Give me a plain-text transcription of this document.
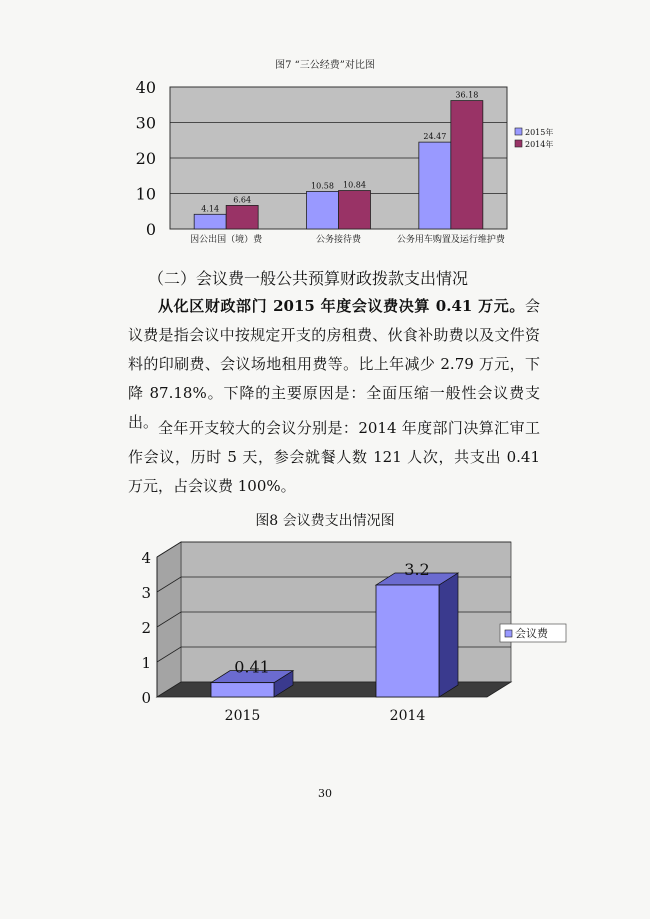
图7 “三公经费”对比图
0
10
20
30
40
4.14
6.64
因公出国（境）费
10.58 10.84
公务接待费
24.47
36.18
公务用车购置及运行维护费
2015年
2014年
（二）会议费一般公共预算财政拨款支出情况

从化区财政部门 2015 年度会议费决算 0.41 万元。会议费是指会议中按规定开支的房租费、伙食补助费以及文件资料的印刷费、会议场地租用费等。比上年减少 2.79 万元，下降 87.18%。下降的主要原因是：全面压缩一般性会议费支出。 全年开支较大的会议分别是：2014 年度部门决算汇审工作会议，历时 5 天，参会就餐人数 121 人次，共支出 0.41 万元，占会议费 100%。

图8 会议费支出情况图
0
1
2
3
4
0.41
2015
3.2
2014
会议费
30
